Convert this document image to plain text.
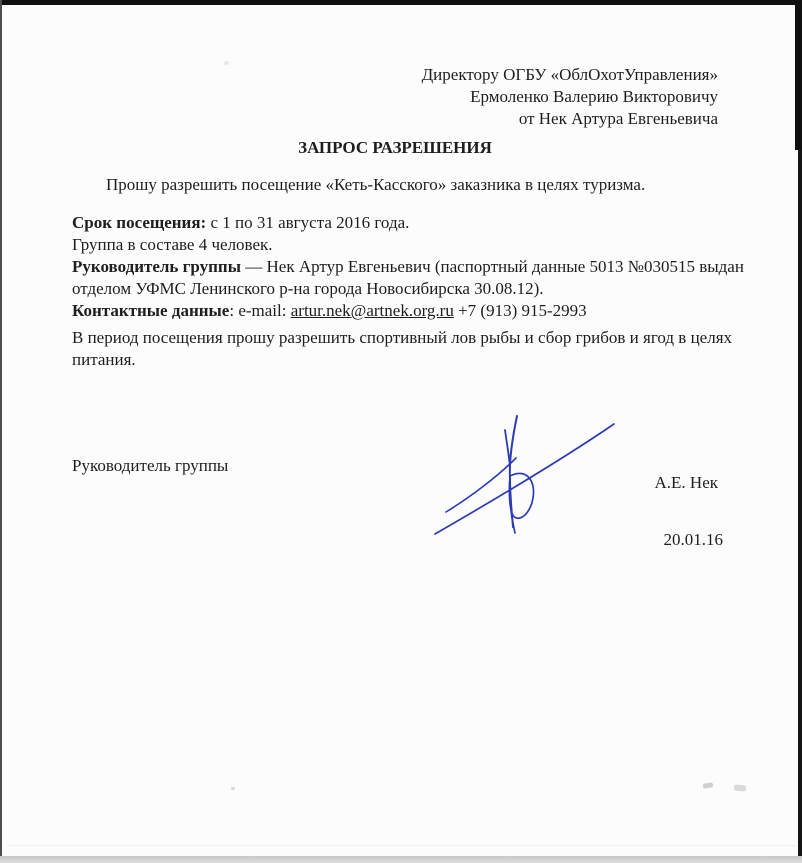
Директору ОГБУ «ОблОхотУправления»
Ермоленко Валерию Викторовичу
от Нек Артура Евгеньевича
ЗАПРОС РАЗРЕШЕНИЯ
Прошу разрешить посещение «Кеть-Касского» заказника в целях туризма.
Срок посещения: с 1 по 31 августа 2016 года.
Группа в составе 4 человек.
Руководитель группы — Нек Артур Евгеньевич (паспортный данные 5013 №030515 выдан
отделом УФМС Ленинского р-на города Новосибирска 30.08.12).
Контактные данные: e-mail: artur.nek@artnek.org.ru +7 (913) 915-2993
В период посещения прошу разрешить спортивный лов рыбы и сбор грибов и ягод в целях
питания.
Руководитель группы
А.Е. Нек
20.01.16
